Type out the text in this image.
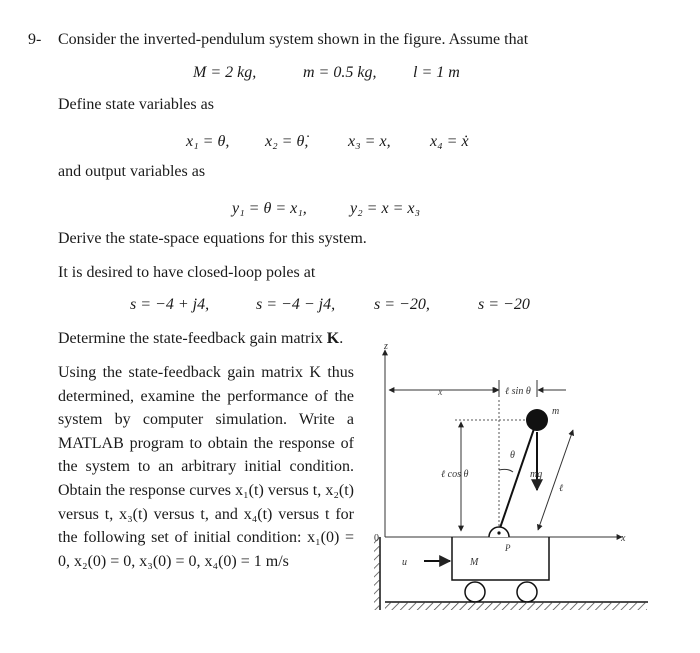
9- Consider the inverted-pendulum system shown in the figure. Assume that
M = 2 kg,	m = 0.5 kg, l = 1 m
Define state variables as
x₁ = θ, x₂ = θ̇, x₃ = x, x₄ = ẋ
and output variables as
y₁ = θ = x₁,	y₂ = x = x₃
Derive the state-space equations for this system.
It is desired to have closed-loop poles at
s = −4 + j4,	s = −4 − j4, s = −20,	s = −20
Determine the state-feedback gain matrix K.
Using the state-feedback gain matrix K thus determined, examine the performance of the system by computer simulation. Write a MATLAB program to obtain the response of the system to an arbitrary initial condition. Obtain the response curves x₁(t) versus t, x₂(t) versus t, x₃(t) versus t, and x₄(t) versus t for the following set of initial condition: x₁(0) = 0, x₂(0) = 0, x₃(0) = 0, x₄(0) = 1 m/s
z
x
x	ℓ sin θ
ℓ cos θ
m
mg
θ
ℓ
P
M
u
